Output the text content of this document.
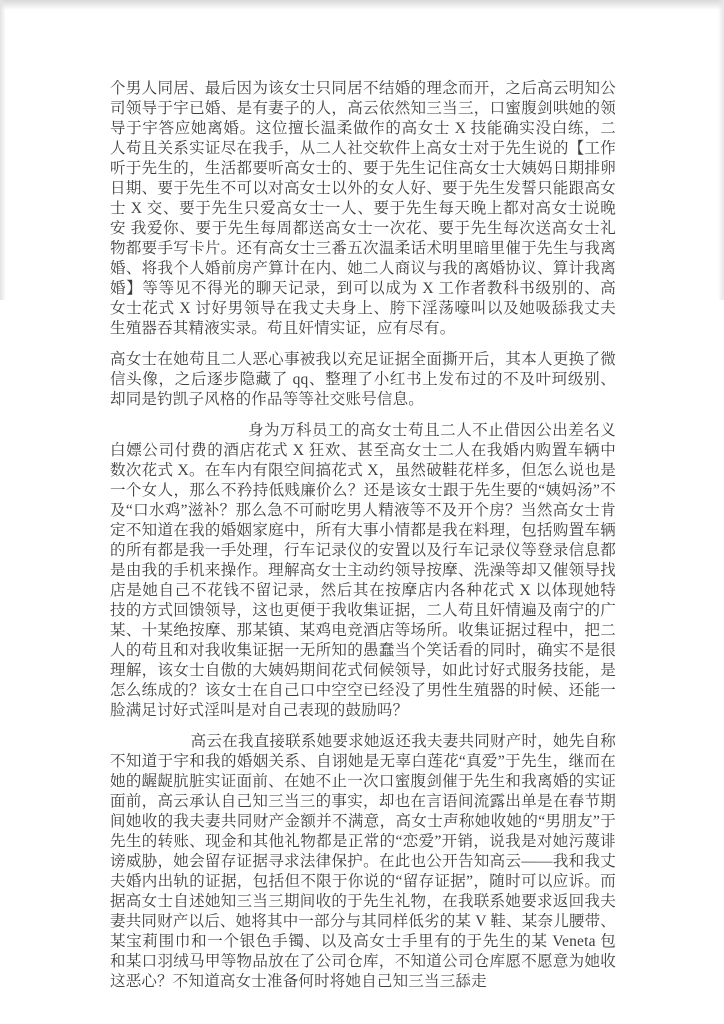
个男人同居、最后因为该女士只同居不结婚的理念而开，之后高云明知公司领导于宇已婚、是有妻子的人，高云依然知三当三，口蜜腹剑哄她的领导于宇答应她离婚。这位擅长温柔做作的高女士 X 技能确实没白练，二人苟且关系实证尽在我手，从二人社交软件上高女士对于先生说的【工作听于先生的，生活都要听高女士的、要于先生记住高女士大姨妈日期排卵日期、要于先生不可以对高女士以外的女人好、要于先生发誓只能跟高女士 X 交、要于先生只爱高女士一人、要于先生每天晚上都对高女士说晚安 我爱你、要于先生每周都送高女士一次花、要于先生每次送高女士礼物都要手写卡片。还有高女士三番五次温柔话术明里暗里催于先生与我离婚、将我个人婚前房产算计在内、她二人商议与我的离婚协议、算计我离婚】等等见不得光的聊天记录，到可以成为 X 工作者教科书级别的、高女士花式 X 讨好男领导在我丈夫身上、胯下淫荡嚎叫以及她吸舔我丈夫生殖器吞其精液实录。苟且奸情实证，应有尽有。

高女士在她苟且二人恶心事被我以充足证据全面撕开后，其本人更换了微信头像，之后逐步隐藏了 qq、整理了小红书上发布过的不及叶珂级别、却同是钓凯子风格的作品等等社交账号信息。

身为万科员工的高女士苟且二人不止借因公出差名义白嫖公司付费的酒店花式 X 狂欢、甚至高女士二人在我婚内购置车辆中数次花式 X。在车内有限空间搞花式 X，虽然破鞋花样多，但怎么说也是一个女人，那么不矜持低贱廉价么？还是该女士跟于先生要的“姨妈汤”不及“口水鸡”滋补？那么急不可耐吃男人精液等不及开个房？当然高女士肯定不知道在我的婚姻家庭中，所有大事小情都是我在料理，包括购置车辆的所有都是我一手处理，行车记录仪的安置以及行车记录仪等登录信息都是由我的手机来操作。理解高女士主动约领导按摩、洗澡等却又催领导找店是她自己不花钱不留记录，然后其在按摩店内各种花式 X 以体现她特技的方式回馈领导，这也更便于我收集证据，二人苟且奸情遍及南宁的广某、十某绝按摩、那某镇、某鸡电竞酒店等场所。收集证据过程中，把二人的苟且和对我收集证据一无所知的愚蠢当个笑话看的同时，确实不是很理解，该女士自傲的大姨妈期间花式伺候领导，如此讨好式服务技能，是怎么练成的？该女士在自己口中空空已经没了男性生殖器的时候、还能一脸满足讨好式淫叫是对自己表现的鼓励吗？

高云在我直接联系她要求她返还我夫妻共同财产时，她先自称不知道于宇和我的婚姻关系、自诩她是无辜白莲花“真爱”于先生，继而在她的龌龊肮脏实证面前、在她不止一次口蜜腹剑催于先生和我离婚的实证面前，高云承认自己知三当三的事实，却也在言语间流露出单是在春节期间她收的我夫妻共同财产金额并不满意，高女士声称她收她的“男朋友”于先生的转账、现金和其他礼物都是正常的“恋爱”开销，说我是对她污蔑诽谤威胁，她会留存证据寻求法律保护。在此也公开告知高云——我和我丈夫婚内出轨的证据，包括但不限于你说的“留存证据”，随时可以应诉。而据高女士自述她知三当三期间收的于先生礼物，在我联系她要求返回我夫妻共同财产以后、她将其中一部分与其同样低劣的某 V 鞋、某奈儿腰带、某宝莉围巾和一个银色手镯、以及高女士手里有的于先生的某 Veneta 包和某口羽绒马甲等物品放在了公司仓库，不知道公司仓库愿不愿意为她收这恶心？不知道高女士准备何时将她自己知三当三舔走
